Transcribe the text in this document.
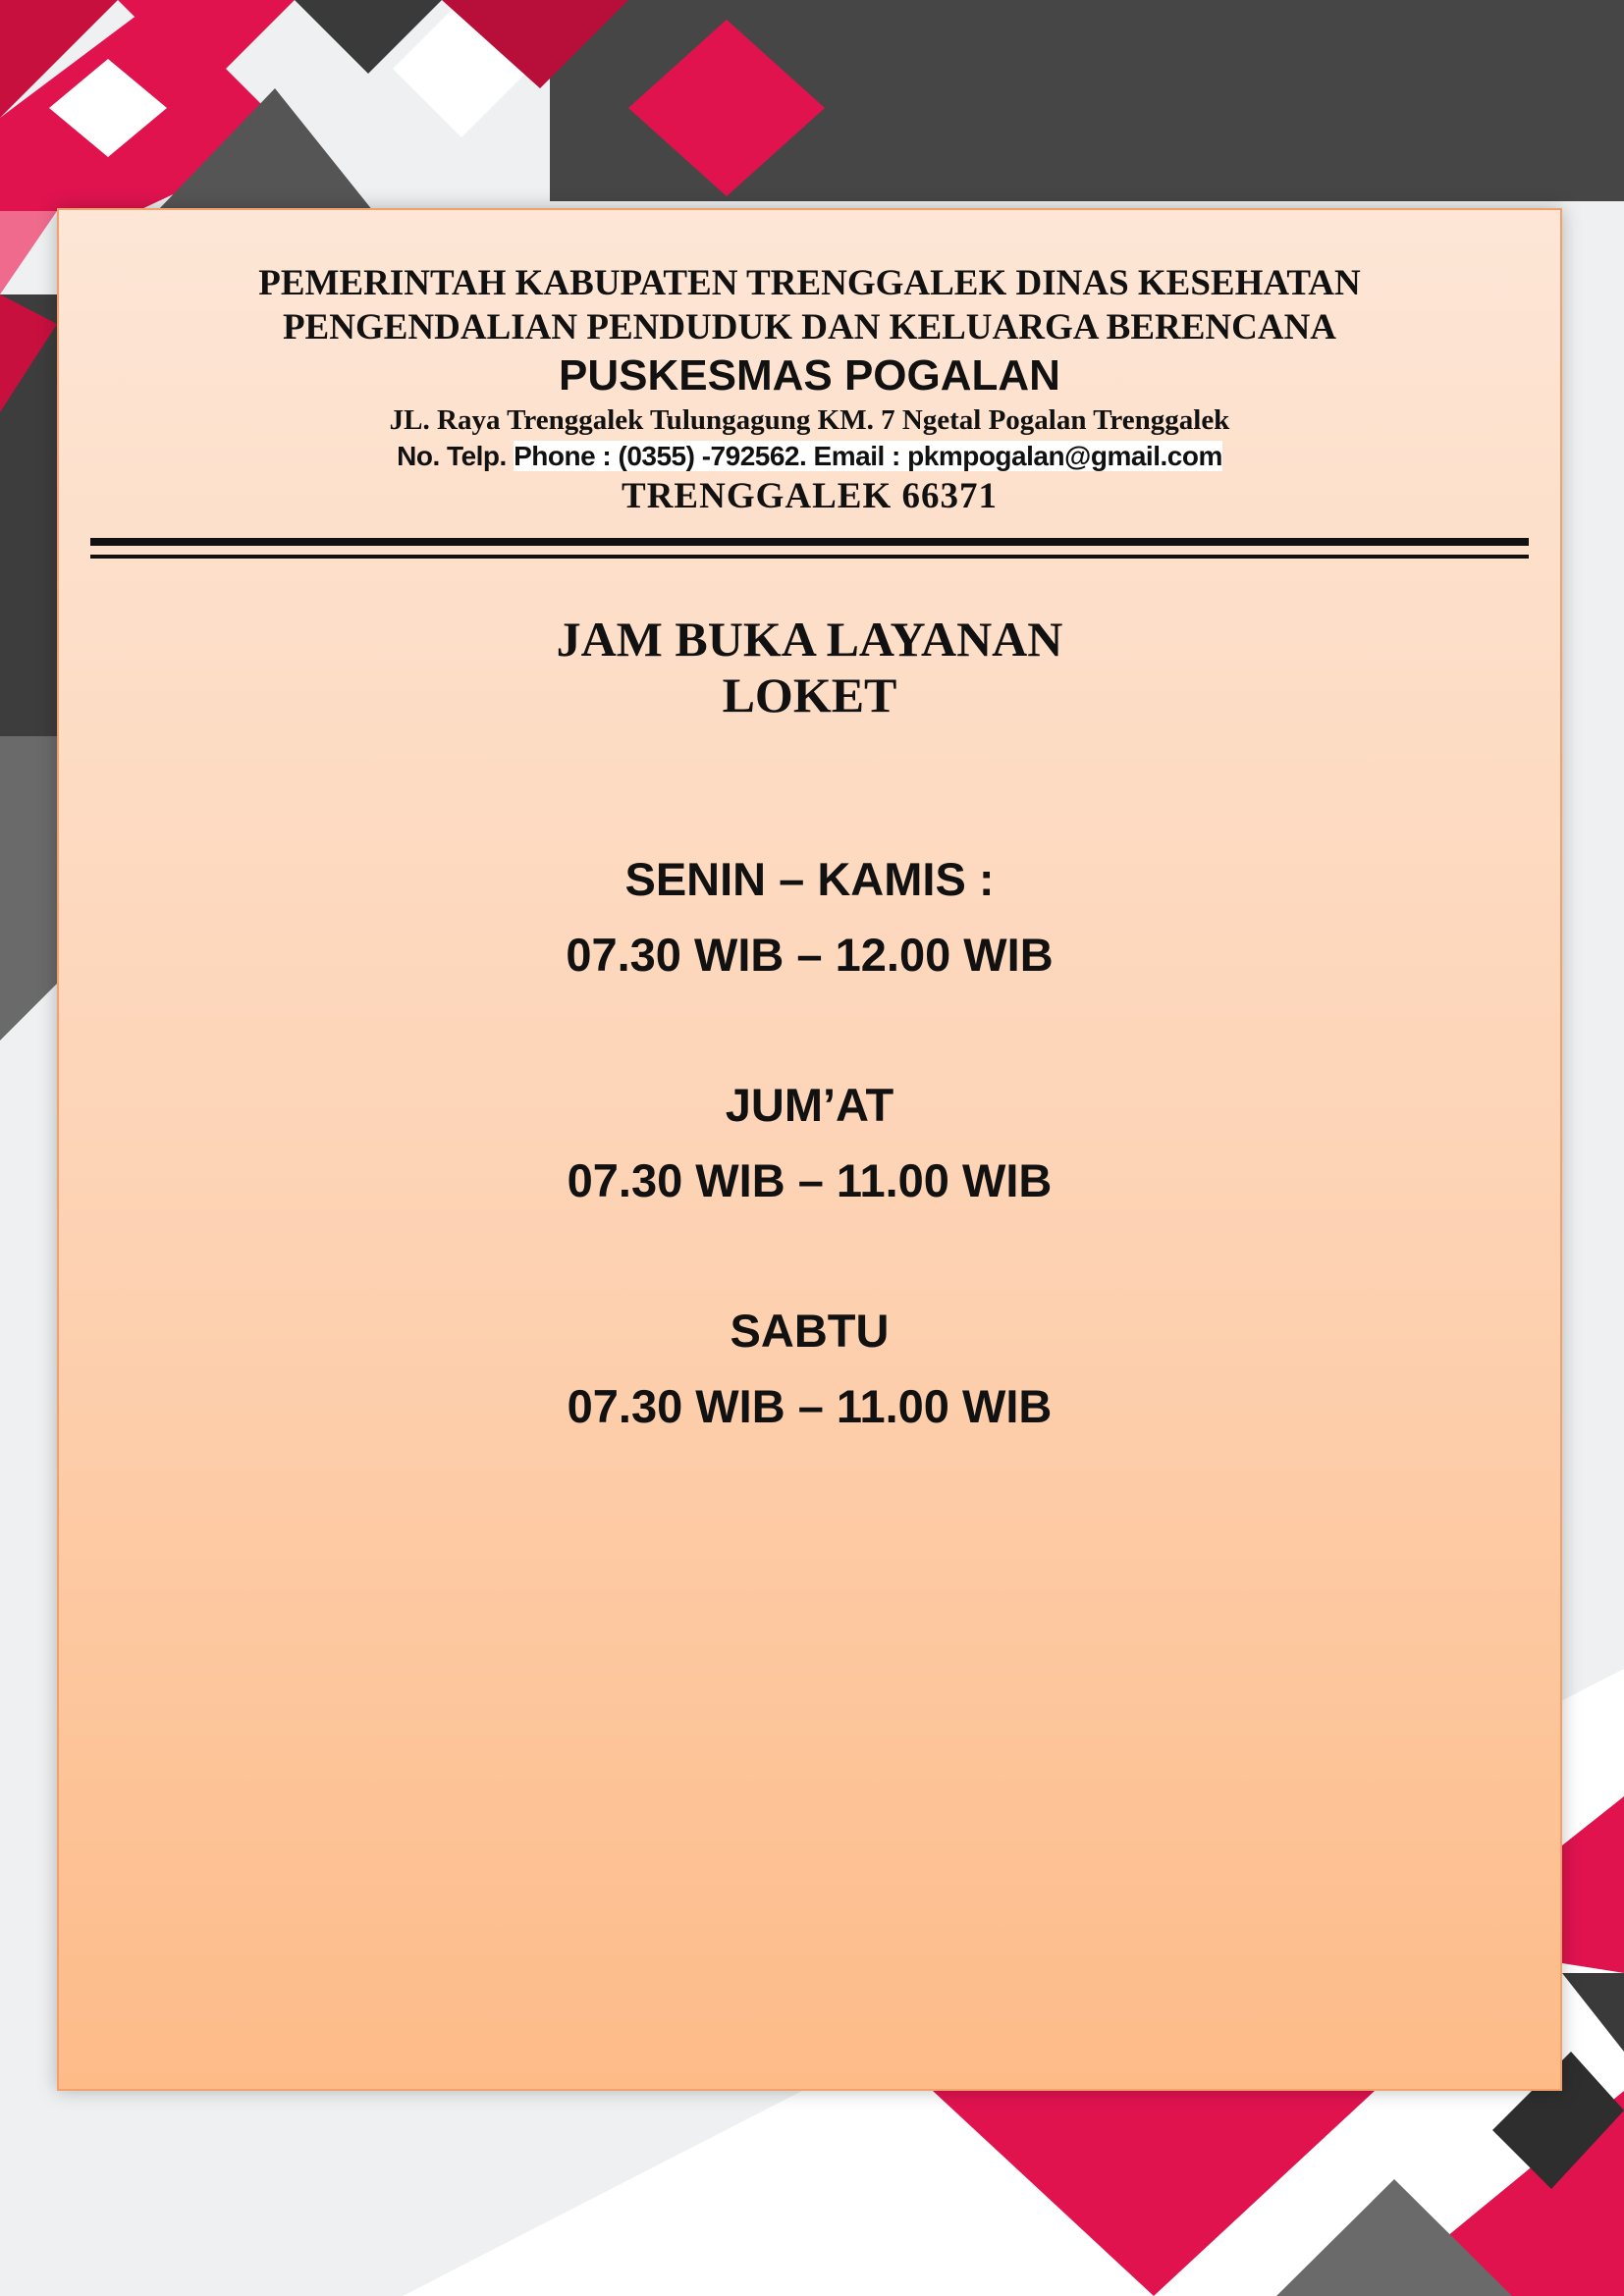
PEMERINTAH KABUPATEN TRENGGALEK DINAS KESEHATAN
PENGENDALIAN PENDUDUK DAN KELUARGA BERENCANA
PUSKESMAS POGALAN
JL. Raya Trenggalek Tulungagung KM. 7 Ngetal Pogalan Trenggalek
No. Telp. Phone : (0355) -792562. Email : pkmpogalan@gmail.com
TRENGGALEK 66371
JAM BUKA LAYANAN
LOKET
SENIN – KAMIS :
07.30 WIB – 12.00 WIB
JUM’AT
07.30 WIB – 11.00 WIB
SABTU
07.30 WIB – 11.00 WIB
